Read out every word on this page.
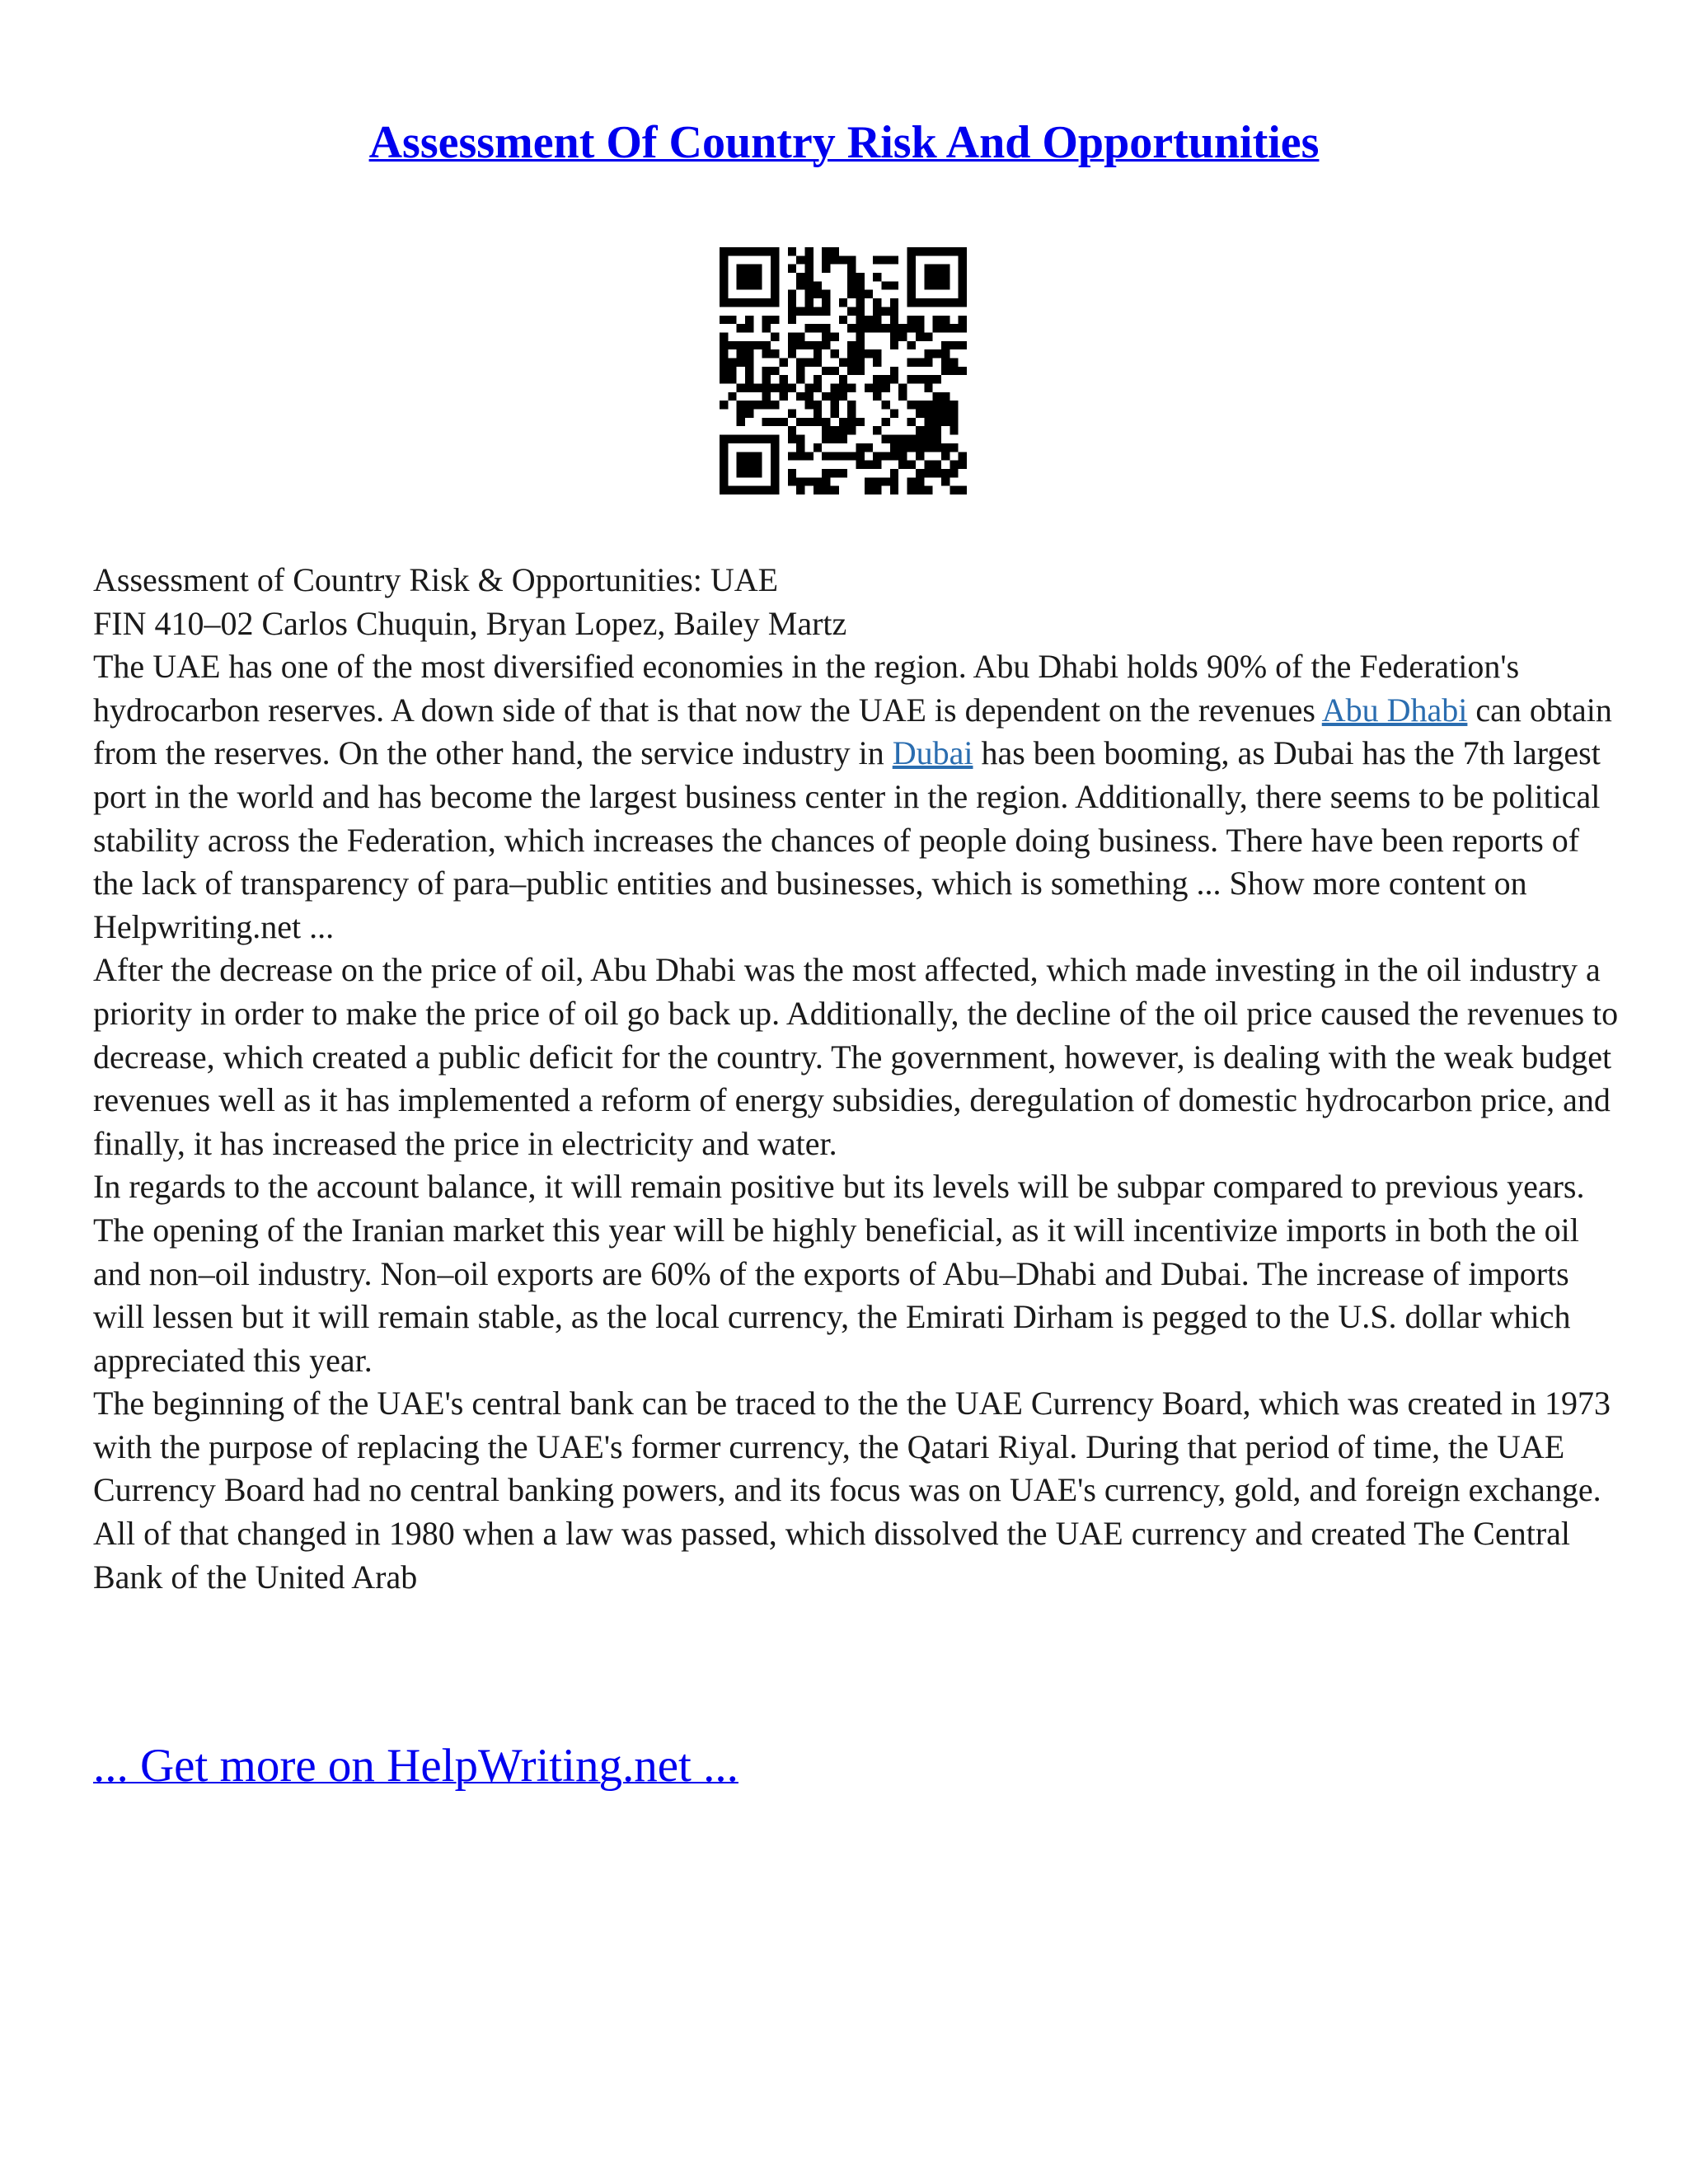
Assessment Of Country Risk And Opportunities

Assessment of Country Risk & Opportunities: UAE

FIN 410–02 Carlos Chuquin, Bryan Lopez, Bailey Martz

The UAE has one of the most diversified economies in the region. Abu Dhabi holds 90% of the Federation's hydrocarbon reserves. A down side of that is that now the UAE is dependent on the revenues Abu Dhabi can obtain from the reserves. On the other hand, the service industry in Dubai has been booming, as Dubai has the 7th largest port in the world and has become the largest business center in the region. Additionally, there seems to be political stability across the Federation, which increases the chances of people doing business. There have been reports of the lack of transparency of para–public entities and businesses, which is something ... Show more content on Helpwriting.net ...

After the decrease on the price of oil, Abu Dhabi was the most affected, which made investing in the oil industry a priority in order to make the price of oil go back up. Additionally, the decline of the oil price caused the revenues to decrease, which created a public deficit for the country. The government, however, is dealing with the weak budget revenues well as it has implemented a reform of energy subsidies, deregulation of domestic hydrocarbon price, and finally, it has increased the price in electricity and water.

In regards to the account balance, it will remain positive but its levels will be subpar compared to previous years. The opening of the Iranian market this year will be highly beneficial, as it will incentivize imports in both the oil and non–oil industry. Non–oil exports are 60% of the exports of Abu–Dhabi and Dubai. The increase of imports will lessen but it will remain stable, as the local currency, the Emirati Dirham is pegged to the U.S. dollar which appreciated this year.

The beginning of the UAE's central bank can be traced to the the UAE Currency Board, which was created in 1973 with the purpose of replacing the UAE's former currency, the Qatari Riyal. During that period of time, the UAE Currency Board had no central banking powers, and its focus was on UAE's currency, gold, and foreign exchange. All of that changed in 1980 when a law was passed, which dissolved the UAE currency and created The Central Bank of the United Arab

... Get more on HelpWriting.net ...
